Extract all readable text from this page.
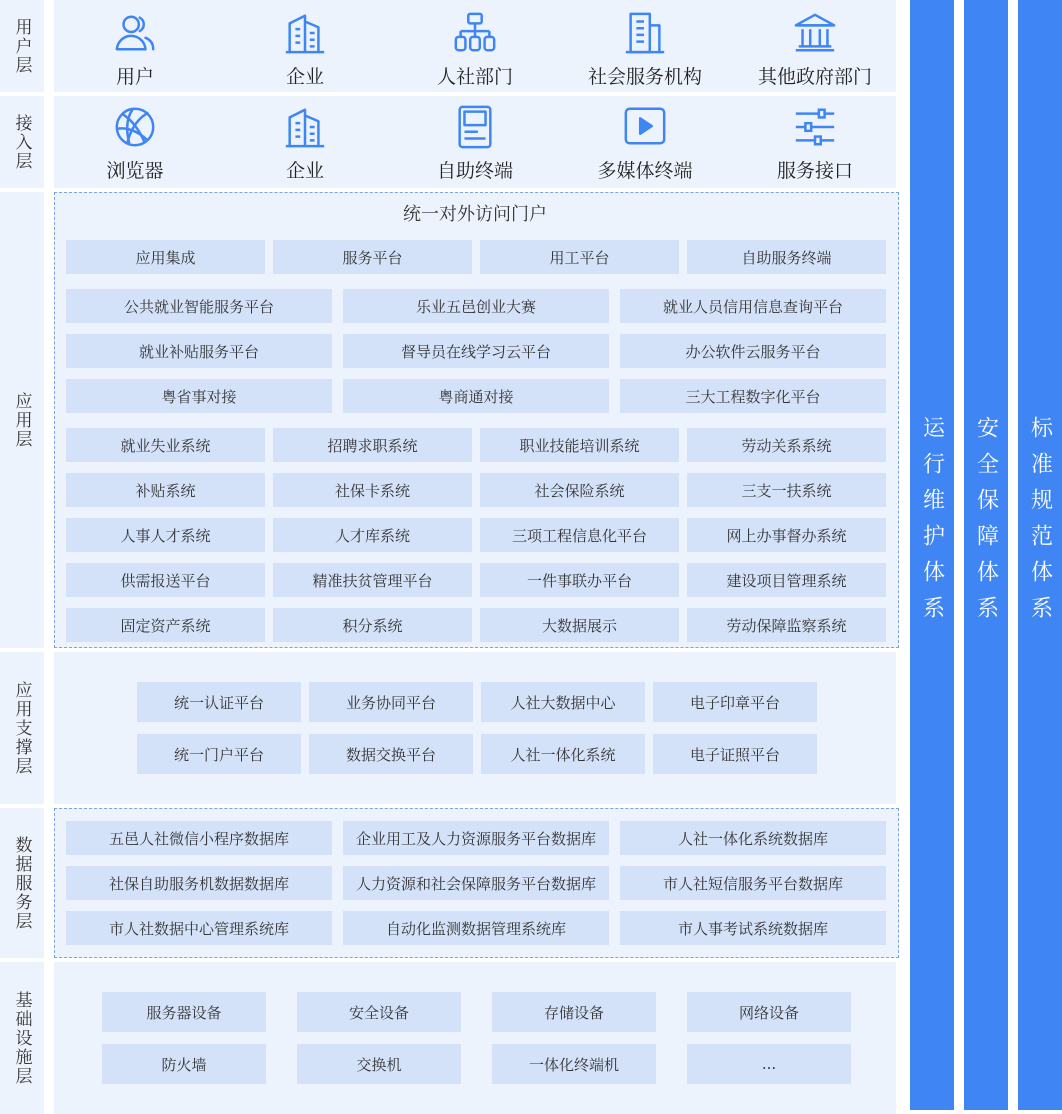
用户层
接入层
应用层
应用支撑层
数据服务层
基础设施层
用户	企业	人社部门	社会服务机构	其他政府部门
浏览器	企业	自助终端	多媒体终端	服务接口
统一对外访问门户
应用集成	服务平台	用工平台	自助服务终端
公共就业智能服务平台	乐业五邑创业大赛	就业人员信用信息查询平台
就业补贴服务平台	督导员在线学习云平台	办公软件云服务平台
粤省事对接	粤商通对接	三大工程数字化平台
就业失业系统	招聘求职系统	职业技能培训系统	劳动关系系统
补贴系统	社保卡系统	社会保险系统	三支一扶系统
人事人才系统	人才库系统	三项工程信息化平台	网上办事督办系统
供需报送平台	精准扶贫管理平台	一件事联办平台	建设项目管理系统
固定资产系统	积分系统	大数据展示	劳动保障监察系统
统一认证平台	业务协同平台	人社大数据中心	电子印章平台
统一门户平台	数据交换平台	人社一体化系统	电子证照平台
五邑人社微信小程序数据库	企业用工及人力资源服务平台数据库	人社一体化系统数据库
社保自助服务机数据数据库	人力资源和社会保障服务平台数据库	市人社短信服务平台数据库
市人社数据中心管理系统库	自动化监测数据管理系统库	市人事考试系统数据库
服务器设备	安全设备	存储设备	网络设备
防火墙	交换机	一体化终端机	...
运行维护体系 安全保障体系 标准规范体系
